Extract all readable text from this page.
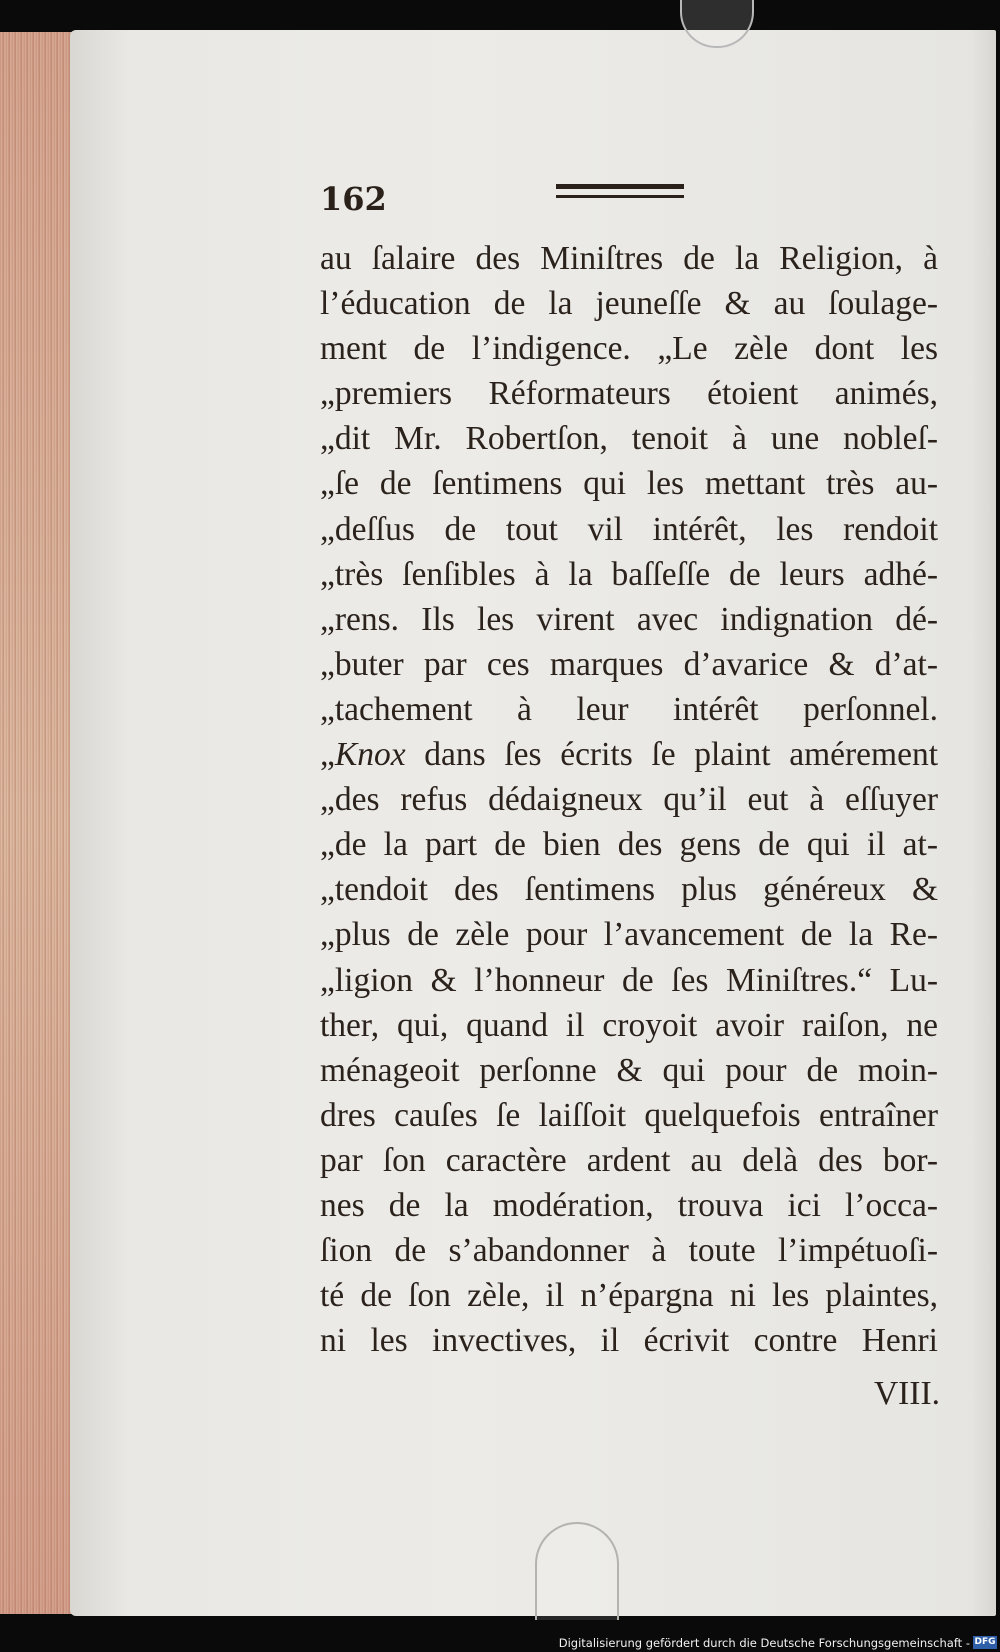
162
au ſalaire des Miniſtres de la Religion, à
l’éducation de la jeuneſſe & au ſoulage-
ment de l’indigence. „Le zèle dont les
„premiers Réformateurs étoient animés,
„dit Mr. Robertſon, tenoit à une nobleſ-
„ſe de ſentimens qui les mettant très au-
„deſſus de tout vil intérêt, les rendoit
„très ſenſibles à la baſſeſſe de leurs adhé-
„rens. Ils les virent avec indignation dé-
„buter par ces marques d’avarice & d’at-
„tachement à leur intérêt perſonnel.
„Knox dans ſes écrits ſe plaint amérement
„des refus dédaigneux qu’il eut à eſſuyer
„de la part de bien des gens de qui il at-
„tendoit des ſentimens plus généreux &
„plus de zèle pour l’avancement de la Re-
„ligion & l’honneur de ſes Miniſtres.“ Lu-
ther, qui, quand il croyoit avoir raiſon, ne
ménageoit perſonne & qui pour de moin-
dres cauſes ſe laiſſoit quelquefois entraîner
par ſon caractère ardent au delà des bor-
nes de la modération, trouva ici l’occa-
ſion de s’abandonner à toute l’impétuoſi-
té de ſon zèle, il n’épargna ni les plaintes,
ni les invectives, il écrivit contre Henri
VIII.
Digitalisierung gefördert durch die Deutsche Forschungsgemeinschaft - DFG
